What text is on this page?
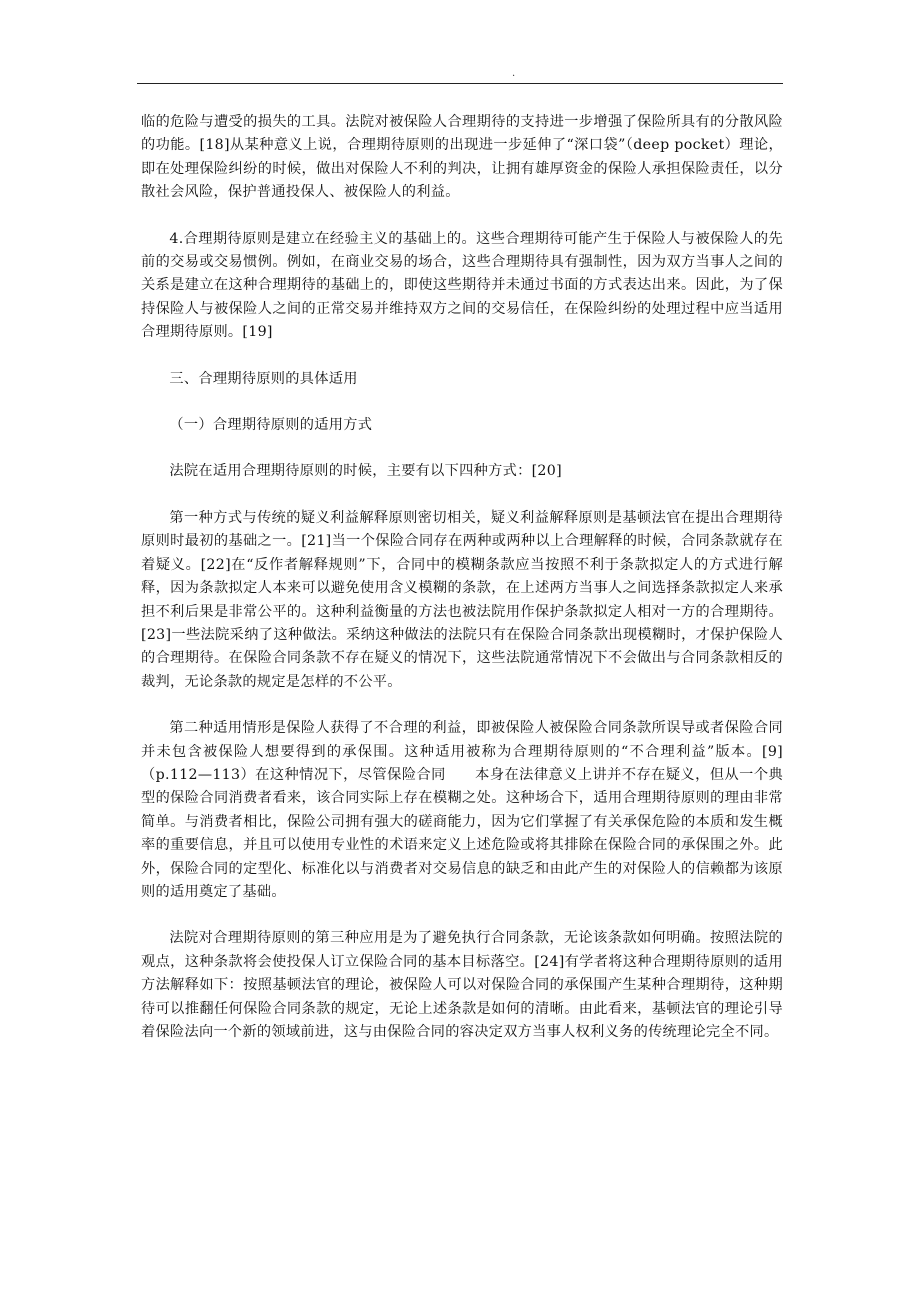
.

临的危险与遭受的损失的工具。法院对被保险人合理期待的支持进一步增强了保险所具有的分散风险的功能。[18]从某种意义上说，合理期待原则的出现进一步延伸了“深口袋”（deep pocket）理论，即在处理保险纠纷的时候，做出对保险人不利的判决，让拥有雄厚资金的保险人承担保险责任，以分散社会风险，保护普通投保人、被保险人的利益。

4.合理期待原则是建立在经验主义的基础上的。这些合理期待可能产生于保险人与被保险人的先前的交易或交易惯例。例如，在商业交易的场合，这些合理期待具有强制性，因为双方当事人之间的关系是建立在这种合理期待的基础上的，即使这些期待并未通过书面的方式表达出来。因此，为了保持保险人与被保险人之间的正常交易并维持双方之间的交易信任，在保险纠纷的处理过程中应当适用合理期待原则。[19]

三、合理期待原则的具体适用

（一）合理期待原则的适用方式

法院在适用合理期待原则的时候，主要有以下四种方式：[20]

第一种方式与传统的疑义利益解释原则密切相关，疑义利益解释原则是基顿法官在提出合理期待原则时最初的基础之一。[21]当一个保险合同存在两种或两种以上合理解释的时候，合同条款就存在着疑义。[22]在“反作者解释规则”下，合同中的模糊条款应当按照不利于条款拟定人的方式进行解释，因为条款拟定人本来可以避免使用含义模糊的条款，在上述两方当事人之间选择条款拟定人来承担不利后果是非常公平的。这种利益衡量的方法也被法院用作保护条款拟定人相对一方的合理期待。[23]一些法院采纳了这种做法。采纳这种做法的法院只有在保险合同条款出现模糊时，才保护保险人的合理期待。在保险合同条款不存在疑义的情况下，这些法院通常情况下不会做出与合同条款相反的裁判，无论条款的规定是怎样的不公平。

第二种适用情形是保险人获得了不合理的利益，即被保险人被保险合同条款所误导或者保险合同并未包含被保险人想要得到的承保围。这种适用被称为合理期待原则的“不合理利益”版本。[9]（p.112—113）在这种情况下，尽管保险合同　　本身在法律意义上讲并不存在疑义，但从一个典型的保险合同消费者看来，该合同实际上存在模糊之处。这种场合下，适用合理期待原则的理由非常简单。与消费者相比，保险公司拥有强大的磋商能力，因为它们掌握了有关承保危险的本质和发生概率的重要信息，并且可以使用专业性的术语来定义上述危险或将其排除在保险合同的承保围之外。此外，保险合同的定型化、标准化以与消费者对交易信息的缺乏和由此产生的对保险人的信赖都为该原则的适用奠定了基础。

法院对合理期待原则的第三种应用是为了避免执行合同条款，无论该条款如何明确。按照法院的观点，这种条款将会使投保人订立保险合同的基本目标落空。[24]有学者将这种合理期待原则的适用方法解释如下：按照基顿法官的理论，被保险人可以对保险合同的承保围产生某种合理期待，这种期待可以推翻任何保险合同条款的规定，无论上述条款是如何的清晰。由此看来，基顿法官的理论引导着保险法向一个新的领域前进，这与由保险合同的容决定双方当事人权利义务的传统理论完全不同。
